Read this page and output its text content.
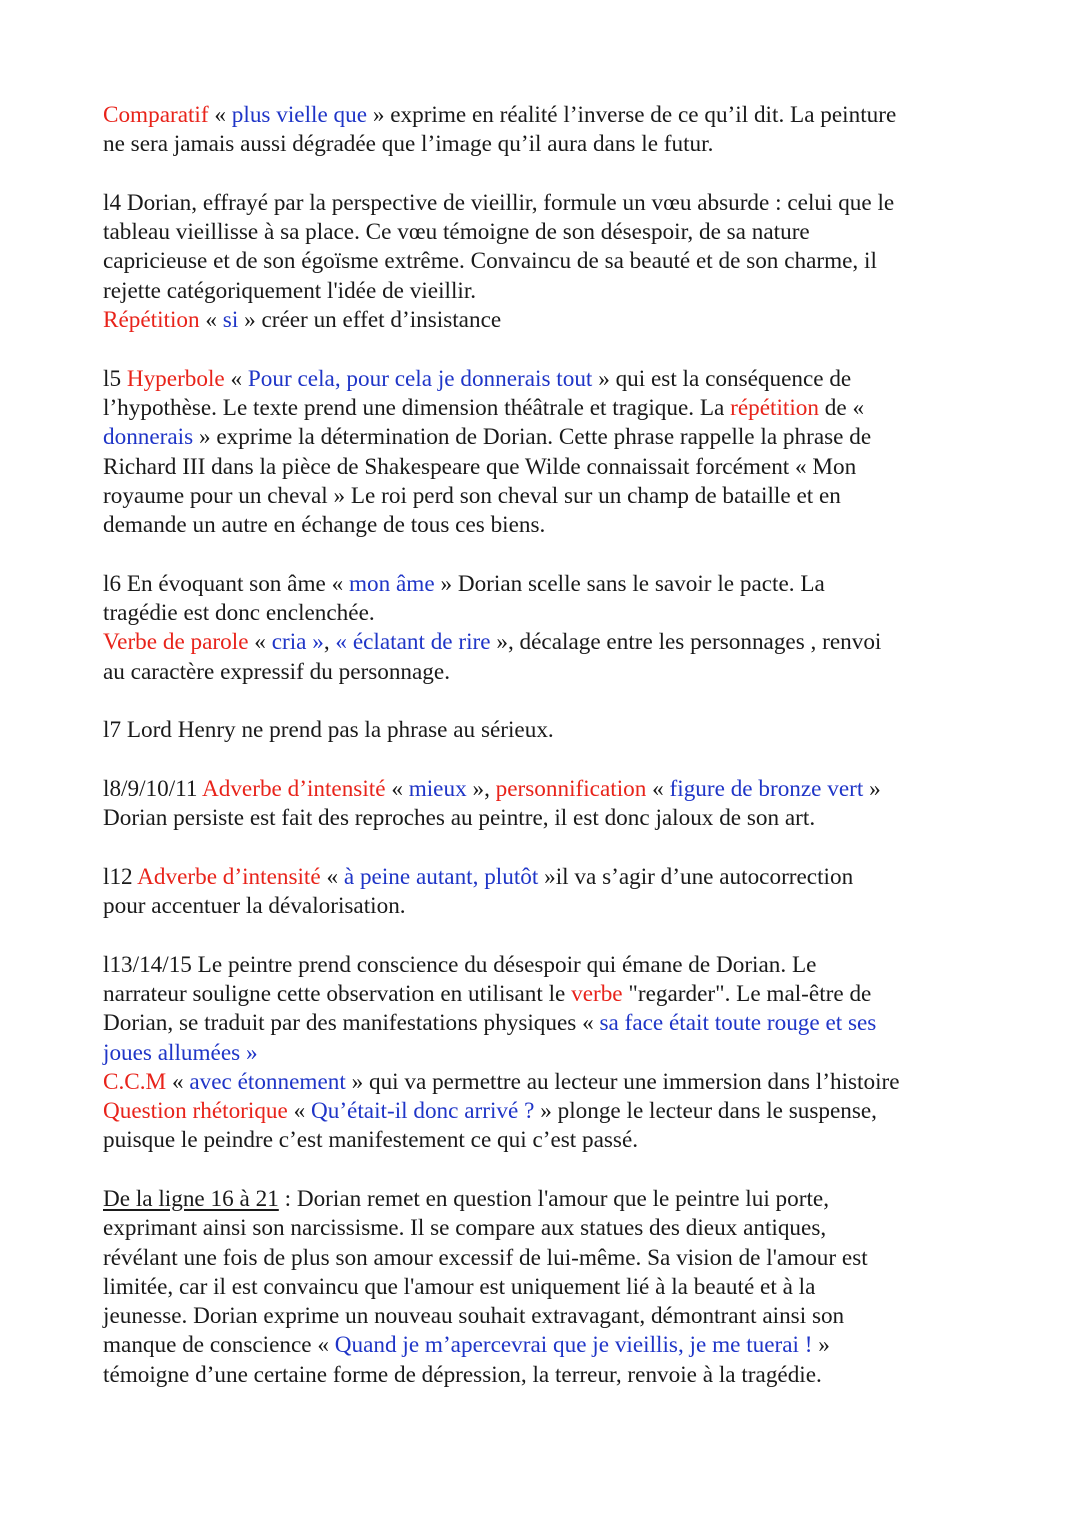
Comparatif « plus vielle que » exprime en réalité l’inverse de ce qu’il dit. La peinture

ne sera jamais aussi dégradée que l’image qu’il aura dans le futur.

l4 Dorian, effrayé par la perspective de vieillir, formule un vœu absurde : celui que le

tableau vieillisse à sa place. Ce vœu témoigne de son désespoir, de sa nature

capricieuse et de son égoïsme extrême. Convaincu de sa beauté et de son charme, il

rejette catégoriquement l'idée de vieillir.

Répétition « si » créer un effet d’insistance

l5 Hyperbole « Pour cela, pour cela je donnerais tout » qui est la conséquence de

l’hypothèse. Le texte prend une dimension théâtrale et tragique. La répétition de «

donnerais » exprime la détermination de Dorian. Cette phrase rappelle la phrase de

Richard III dans la pièce de Shakespeare que Wilde connaissait forcément « Mon

royaume pour un cheval » Le roi perd son cheval sur un champ de bataille et en

demande un autre en échange de tous ces biens.

l6 En évoquant son âme « mon âme » Dorian scelle sans le savoir le pacte. La

tragédie est donc enclenchée.

Verbe de parole « cria », « éclatant de rire », décalage entre les personnages , renvoi

au caractère expressif du personnage.

l7 Lord Henry ne prend pas la phrase au sérieux.

l8/9/10/11 Adverbe d’intensité « mieux », personnification « figure de bronze vert »

Dorian persiste est fait des reproches au peintre, il est donc jaloux de son art.

l12 Adverbe d’intensité « à peine autant, plutôt »il va s’agir d’une autocorrection

pour accentuer la dévalorisation.

l13/14/15 Le peintre prend conscience du désespoir qui émane de Dorian. Le

narrateur souligne cette observation en utilisant le verbe "regarder". Le mal-être de

Dorian, se traduit par des manifestations physiques « sa face était toute rouge et ses

joues allumées »

C.C.M « avec étonnement » qui va permettre au lecteur une immersion dans l’histoire

Question rhétorique « Qu’était-il donc arrivé ? » plonge le lecteur dans le suspense,

puisque le peindre c’est manifestement ce qui c’est passé.

De la ligne 16 à 21 : Dorian remet en question l'amour que le peintre lui porte,

exprimant ainsi son narcissisme. Il se compare aux statues des dieux antiques,

révélant une fois de plus son amour excessif de lui-même. Sa vision de l'amour est

limitée, car il est convaincu que l'amour est uniquement lié à la beauté et à la

jeunesse. Dorian exprime un nouveau souhait extravagant, démontrant ainsi son

manque de conscience « Quand je m’apercevrai que je vieillis, je me tuerai ! »

témoigne d’une certaine forme de dépression, la terreur, renvoie à la tragédie.
